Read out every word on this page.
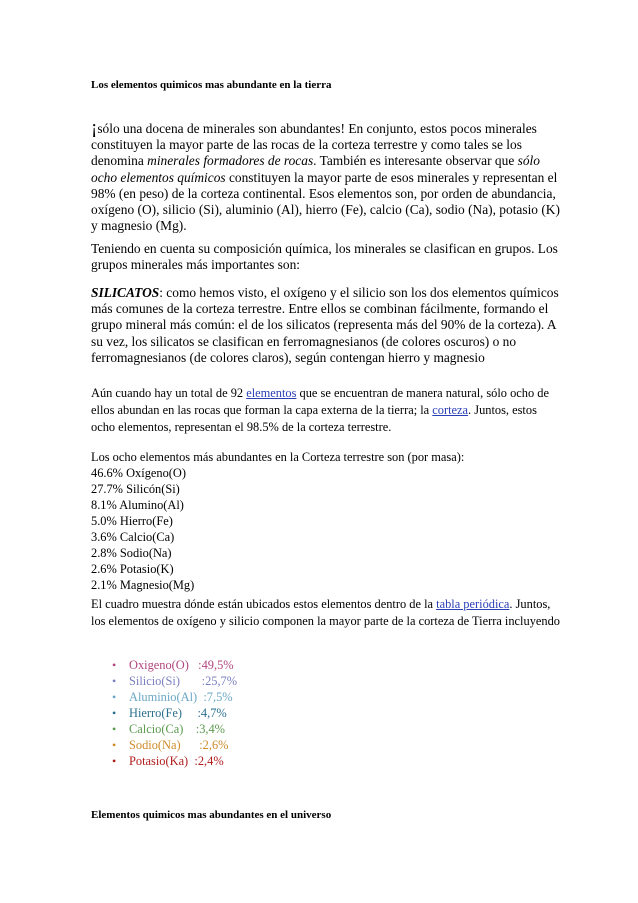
Los elementos quimicos mas abundante en la tierra
¡sólo una docena de minerales son abundantes! En conjunto, estos pocos minerales constituyen la mayor parte de las rocas de la corteza terrestre y como tales se los denomina minerales formadores de rocas. También es interesante observar que sólo ocho elementos químicos constituyen la mayor parte de esos minerales y representan el 98% (en peso) de la corteza continental. Esos elementos son, por orden de abundancia, oxígeno (O), silicio (Si), aluminio (Al), hierro (Fe), calcio (Ca), sodio (Na), potasio (K) y magnesio (Mg).
Teniendo en cuenta su composición química, los minerales se clasifican en grupos. Los grupos minerales más importantes son:
SILICATOS: como hemos visto, el oxígeno y el silicio son los dos elementos químicos más comunes de la corteza terrestre. Entre ellos se combinan fácilmente, formando el grupo mineral más común: el de los silicatos (representa más del 90% de la corteza). A su vez, los silicatos se clasifican en ferromagnesianos (de colores oscuros) o no ferromagnesianos (de colores claros), según contengan hierro y magnesio
Aún cuando hay un total de 92 elementos que se encuentran de manera natural, sólo ocho de ellos abundan en las rocas que forman la capa externa de la tierra; la corteza. Juntos, estos ocho elementos, representan el 98.5% de la corteza terrestre.
Los ocho elementos más abundantes en la Corteza terrestre son (por masa):
46.6% Oxígeno(O)
27.7% Silicón(Si)
8.1% Alumino(Al)
5.0% Hierro(Fe)
3.6% Calcio(Ca)
2.8% Sodio(Na)
2.6% Potasio(K)
2.1% Magnesio(Mg)
El cuadro muestra dónde están ubicados estos elementos dentro de la tabla periódica. Juntos, los elementos de oxígeno y silicio componen la mayor parte de la corteza de Tierra incluyendo
• Oxigeno(O)   :49,5%
• Silicio(Si)       :25,7%
• Aluminio(Al)  :7,5%
• Hierro(Fe)     :4,7%
• Calcio(Ca)    :3,4%
• Sodio(Na)      :2,6%
• Potasio(Ka)  :2,4%
Elementos quimicos mas abundantes en el universo
